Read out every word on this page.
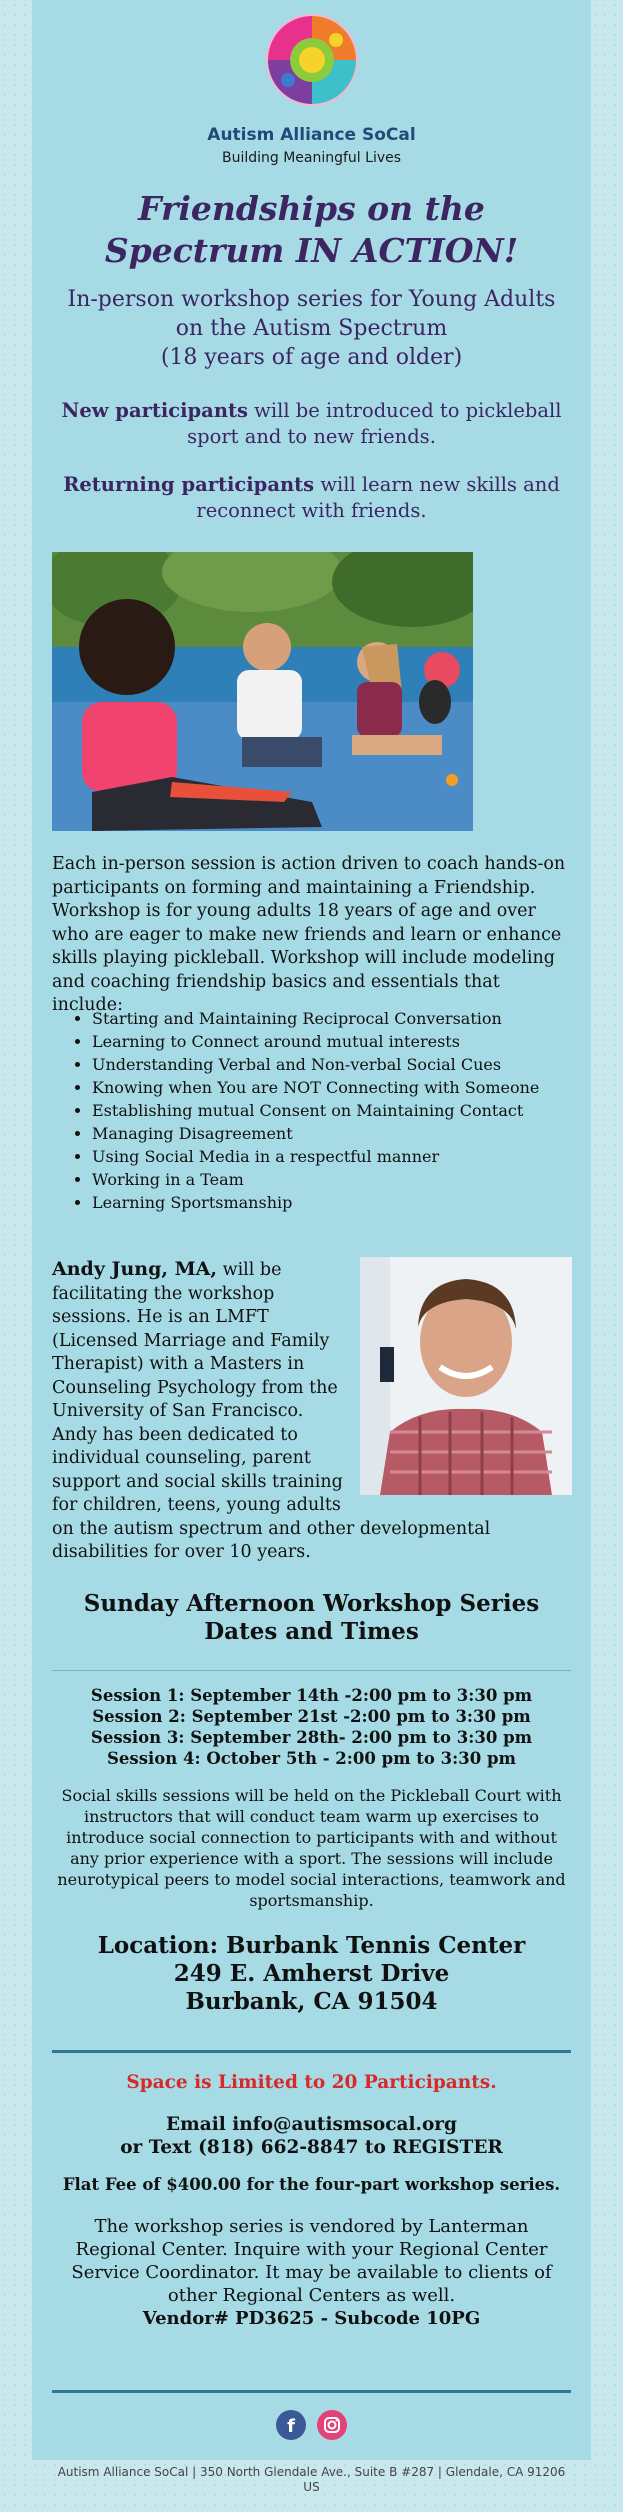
Autism Alliance SoCal
Building Meaningful Lives
Friendships on the
Spectrum IN ACTION!
In-person workshop series for Young Adults
on the Autism Spectrum
(18 years of age and older)
New participants will be introduced to pickleball sport and to new friends.
Returning participants will learn new skills and reconnect with friends.
Each in-person session is action driven to coach hands-on participants on forming and maintaining a Friendship. Workshop is for young adults 18 years of age and over who are eager to make new friends and learn or enhance skills playing pickleball. Workshop will include modeling and coaching friendship basics and essentials that include:
• Starting and Maintaining Reciprocal Conversation
• Learning to Connect around mutual interests
• Understanding Verbal and Non-verbal Social Cues
• Knowing when You are NOT Connecting with Someone
• Establishing mutual Consent on Maintaining Contact
• Managing Disagreement
• Using Social Media in a respectful manner
• Working in a Team
• Learning Sportsmanship
Andy Jung, MA, will be facilitating the workshop sessions. He is an LMFT (Licensed Marriage and Family Therapist) with a Masters in Counseling Psychology from the University of San Francisco. Andy has been dedicated to individual counseling, parent support and social skills training for children, teens, young adults
on the autism spectrum and other developmental disabilities for over 10 years.
Sunday Afternoon Workshop Series
Dates and Times
Session 1: September 14th -2:00 pm to 3:30 pm
Session 2: September 21st -2:00 pm to 3:30 pm
Session 3: September 28th- 2:00 pm to 3:30 pm
Session 4: October 5th - 2:00 pm to 3:30 pm
Social skills sessions will be held on the Pickleball Court with instructors that will conduct team warm up exercises to introduce social connection to participants with and without any prior experience with a sport. The sessions will include neurotypical peers to model social interactions, teamwork and sportsmanship.
Location: Burbank Tennis Center
249 E. Amherst Drive
Burbank, CA 91504
Space is Limited to 20 Participants.
Email info@autismsocal.org
or Text (818) 662-8847 to REGISTER
Flat Fee of $400.00 for the four-part workshop series.
The workshop series is vendored by Lanterman Regional Center. Inquire with your Regional Center Service Coordinator. It may be available to clients of other Regional Centers as well.
Vendor# PD3625 - Subcode 10PG
f

Autism Alliance SoCal | 350 North Glendale Ave., Suite B #287 | Glendale, CA 91206
US
